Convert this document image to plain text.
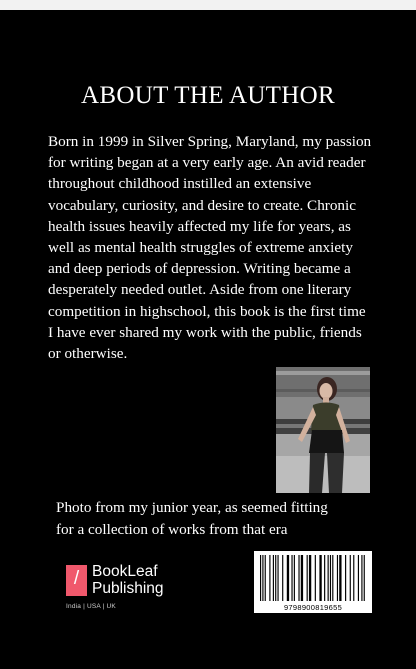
ABOUT THE AUTHOR

Born in 1999 in Silver Spring, Maryland, my passion for writing began at a very early age. An avid reader throughout childhood instilled an extensive vocabulary, curiosity, and desire to create. Chronic health issues heavily affected my life for years, as well as mental health struggles of extreme anxiety and deep periods of depression. Writing became a desperately needed outlet. Aside from one literary competition in highschool, this book is the first time I have ever shared my work with the public, friends or otherwise.

Photo from my junior year, as seemed fitting
for a collection of works from that era

/ BookLeaf
Publishing
India | USA | UK	9798900819655
